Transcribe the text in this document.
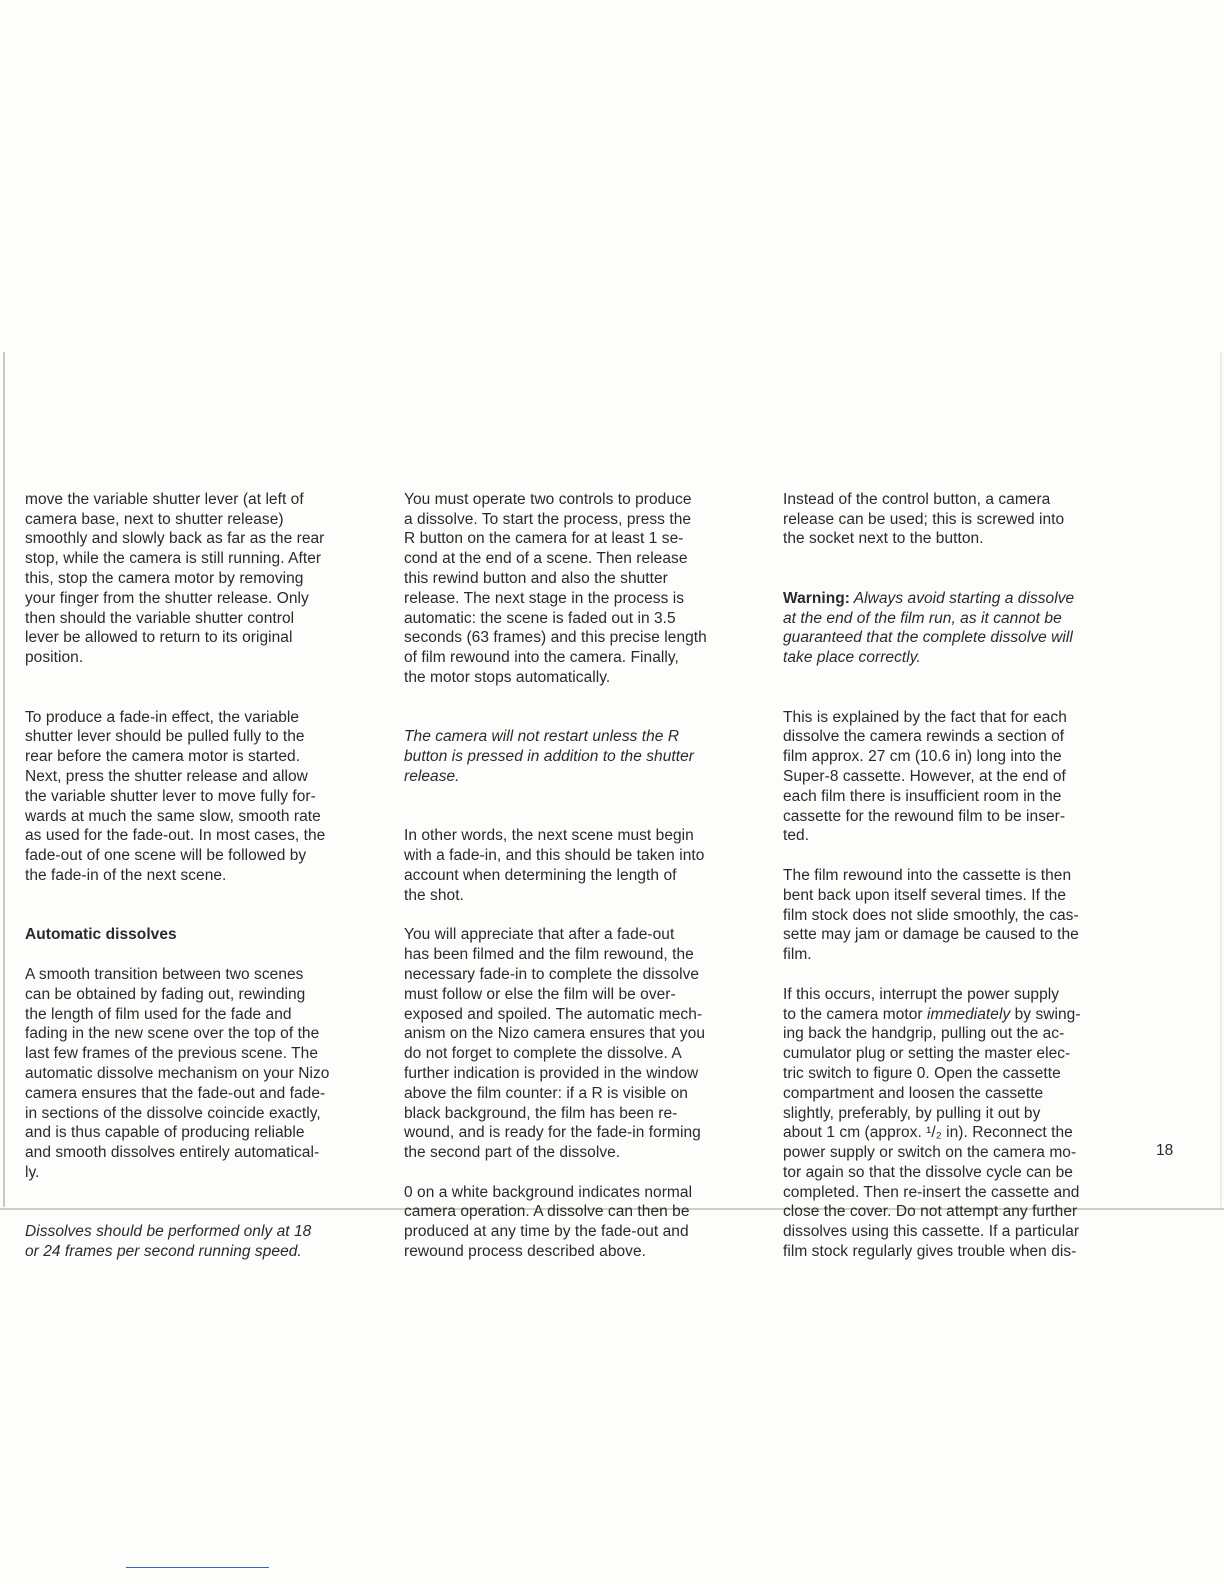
move the variable shutter lever (at left of
camera base, next to shutter release)
smoothly and slowly back as far as the rear
stop, while the camera is still running. After
this, stop the camera motor by removing
your finger from the shutter release. Only
then should the variable shutter control
lever be allowed to return to its original
position.

To produce a fade-in effect, the variable
shutter lever should be pulled fully to the
rear before the camera motor is started.
Next, press the shutter release and allow
the variable shutter lever to move fully for-
wards at much the same slow, smooth rate
as used for the fade-out. In most cases, the
fade-out of one scene will be followed by
the fade-in of the next scene.

Automatic dissolves

A smooth transition between two scenes
can be obtained by fading out, rewinding
the length of film used for the fade and
fading in the new scene over the top of the
last few frames of the previous scene. The
automatic dissolve mechanism on your Nizo
camera ensures that the fade-out and fade-
in sections of the dissolve coincide exactly,
and is thus capable of producing reliable
and smooth dissolves entirely automatical-
ly.

Dissolves should be performed only at 18
or 24 frames per second running speed.

You must operate two controls to produce
a dissolve. To start the process, press the
R button on the camera for at least 1 se-
cond at the end of a scene. Then release
this rewind button and also the shutter
release. The next stage in the process is
automatic: the scene is faded out in 3.5
seconds (63 frames) and this precise length
of film rewound into the camera. Finally,
the motor stops automatically.

The camera will not restart unless the R
button is pressed in addition to the shutter
release.

In other words, the next scene must begin
with a fade-in, and this should be taken into
account when determining the length of
the shot.

You will appreciate that after a fade-out
has been filmed and the film rewound, the
necessary fade-in to complete the dissolve
must follow or else the film will be over-
exposed and spoiled. The automatic mech-
anism on the Nizo camera ensures that you
do not forget to complete the dissolve. A
further indication is provided in the window
above the film counter: if a R is visible on
black background, the film has been re-
wound, and is ready for the fade-in forming
the second part of the dissolve.

0 on a white background indicates normal
camera operation. A dissolve can then be
produced at any time by the fade-out and
rewound process described above.

Instead of the control button, a camera
release can be used; this is screwed into
the socket next to the button.

Warning: Always avoid starting a dissolve
at the end of the film run, as it cannot be
guaranteed that the complete dissolve will
take place correctly.

This is explained by the fact that for each
dissolve the camera rewinds a section of
film approx. 27 cm (10.6 in) long into the
Super-8 cassette. However, at the end of
each film there is insufficient room in the
cassette for the rewound film to be inser-
ted.

The film rewound into the cassette is then
bent back upon itself several times. If the
film stock does not slide smoothly, the cas-
sette may jam or damage be caused to the
film.

If this occurs, interrupt the power supply
to the camera motor immediately by swing-
ing back the handgrip, pulling out the ac-
cumulator plug or setting the master elec-
tric switch to figure 0. Open the cassette
compartment and loosen the cassette
slightly, preferably, by pulling it out by
about 1 cm (approx. ¹/₂ in). Reconnect the
power supply or switch on the camera mo-
tor again so that the dissolve cycle can be
completed. Then re-insert the cassette and
close the cover. Do not attempt any further
dissolves using this cassette. If a particular
film stock regularly gives trouble when dis-

18
